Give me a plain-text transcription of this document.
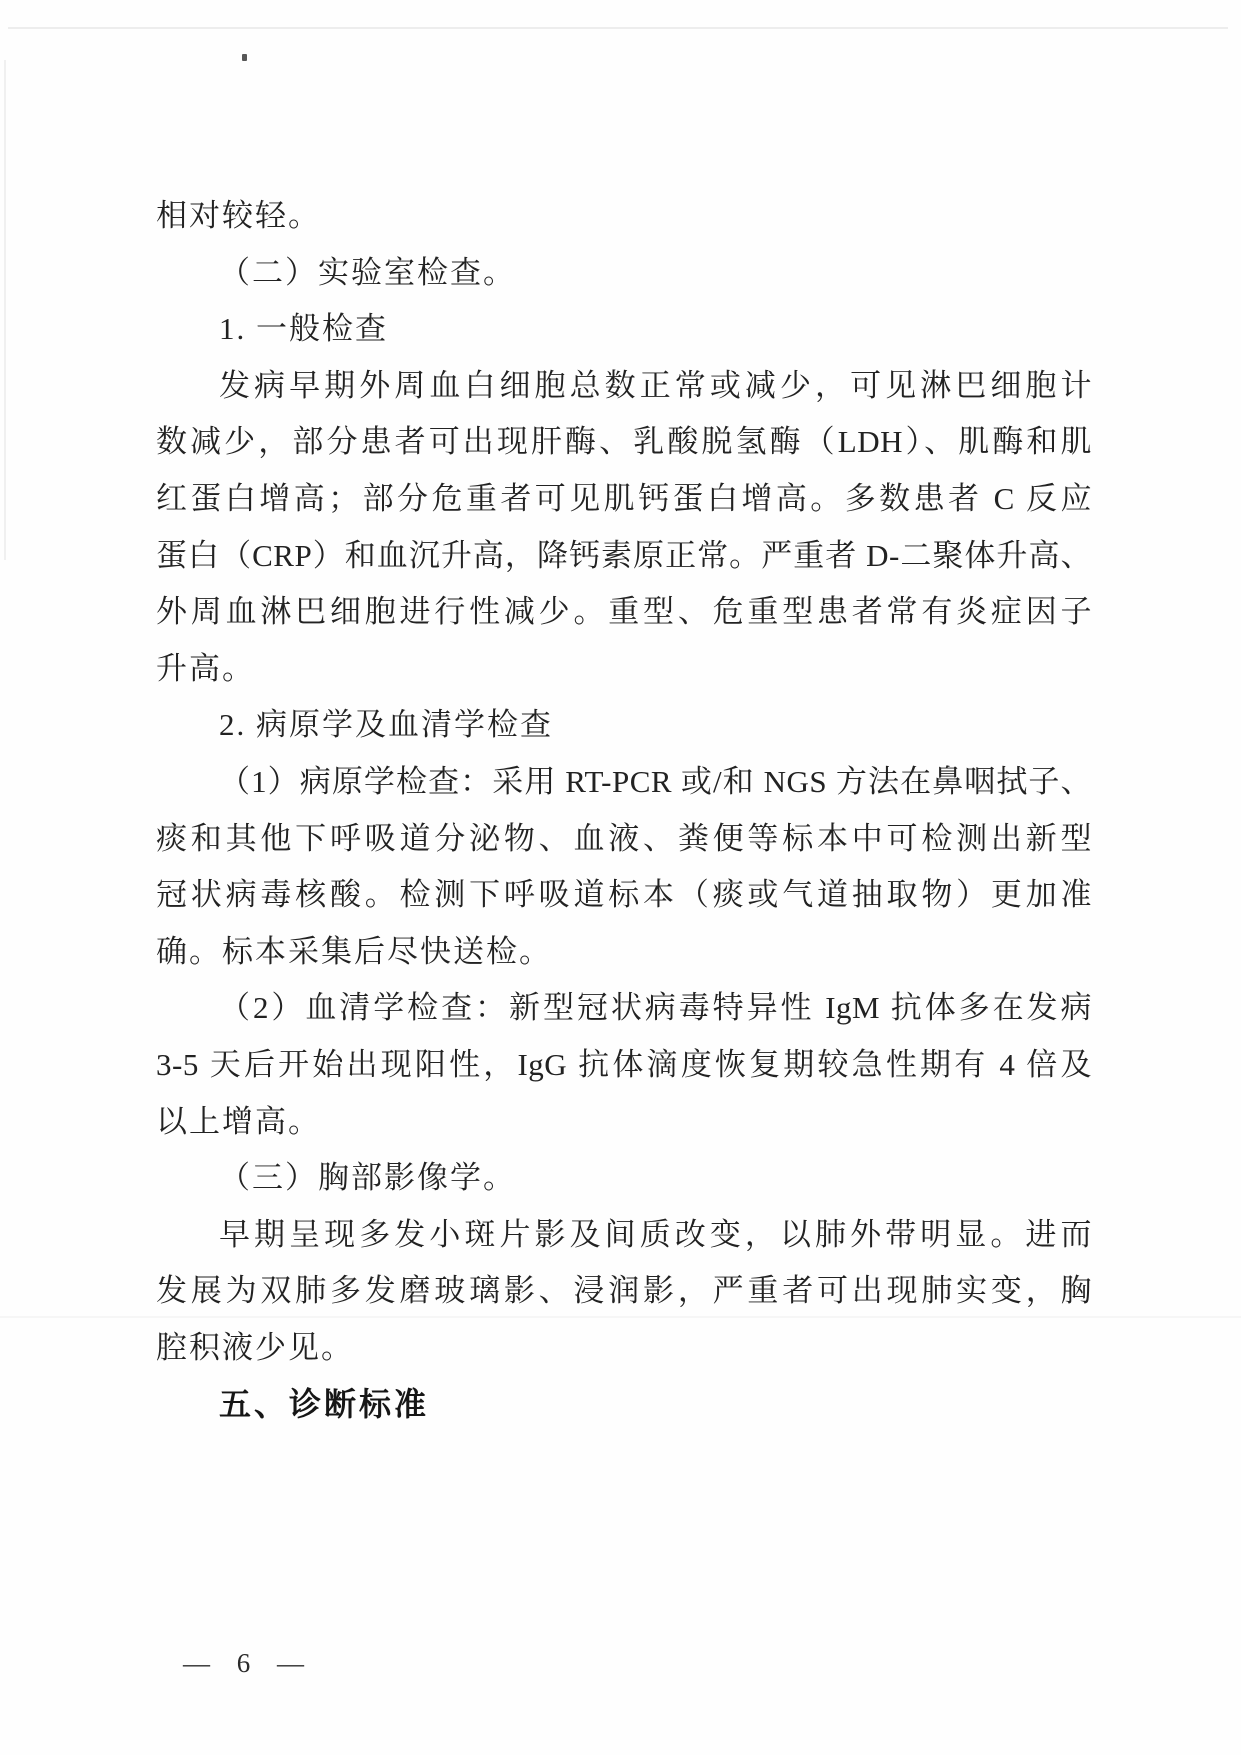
相对较轻。
（二）实验室检查。
1. 一般检查
发病早期外周血白细胞总数正常或减少，可见淋巴细胞计
数减少，部分患者可出现肝酶、乳酸脱氢酶（LDH）、肌酶和肌
红蛋白增高；部分危重者可见肌钙蛋白增高。多数患者 C 反应
蛋白（CRP）和血沉升高，降钙素原正常。严重者 D-二聚体升高、
外周血淋巴细胞进行性减少。重型、危重型患者常有炎症因子
升高。
2. 病原学及血清学检查
（1）病原学检查：采用 RT-PCR 或/和 NGS 方法在鼻咽拭子、
痰和其他下呼吸道分泌物、血液、粪便等标本中可检测出新型
冠状病毒核酸。检测下呼吸道标本（痰或气道抽取物）更加准
确。标本采集后尽快送检。
（2）血清学检查：新型冠状病毒特异性 IgM 抗体多在发病
3-5 天后开始出现阳性，IgG 抗体滴度恢复期较急性期有 4 倍及
以上增高。
（三）胸部影像学。
早期呈现多发小斑片影及间质改变，以肺外带明显。进而
发展为双肺多发磨玻璃影、浸润影，严重者可出现肺实变，胸
腔积液少见。
五、诊断标准
— 6 —
